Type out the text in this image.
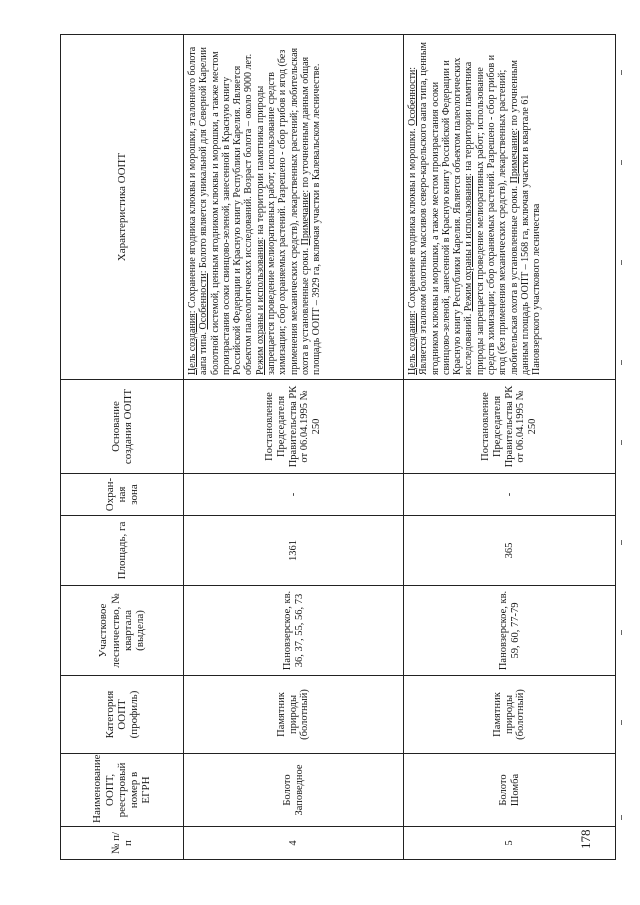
№ п/п	Наименование ООПТ, реестровый номер в ЕГРН	Категория ООПТ (профиль)	Участковое лесничество, № квартала (выдела)	Площадь, га	Охран-ная зона	Основание создания ООПТ	Характеристика ООПТ
4	Болото Заповедное	Памятник природы (болотный)	Пановзерское, кв. 36, 37, 55, 56, 73	1361	-	Постановление Председателя Правительства РК от 06.04.1995 № 250	Цель создания: Сохранение ягодника клюквы и морошки, эталонного болота аапа типа. Особенности: Болото является уникальной для Северной Карелии болотной системой, ценным ягодником клюквы и морошки, а также местом произрастания осоки свинцово-зеленой, занесенной в Красную книгу Российской Федерации и Красную книгу Республики Карелия. Является объектом палеологических исследований. Возраст болота – около 9000 лет. Режим охраны и использования: на территории памятника природы запрещается проведение мелиоративных работ; использование средств химизации; сбор охраняемых растений. Разрешено - сбор грибов и ягод (без применения механических средств), лекарственных растений; любительская охота в установленные сроки. Примечание: по уточненным данным общая площадь ООПТ – 3929 га, включая участки в Калевальском лесничестве.
5	Болото Шомба	Памятник природы (болотный)	Пановзерское, кв. 59, 60, 77-79	365	-	Постановление Председателя Правительства РК от 06.04.1995 № 250	Цель создания: Сохранение ягодника клюквы и морошки. Особенности: Является эталоном болотных массивов северо-карельского аапа типа, ценным ягодником клюквы и морошки, а также местом произрастания осоки свинцово-зеленой, занесенной в Красную книгу Российской Федерации и Красную книгу Республики Карелия. Является объектом палеологических исследований. Режим охраны и использования: на территории памятника природы запрещается проведение мелиоративных работ; использование средств химизации; сбор охраняемых растений. Разрешено - сбор грибов и ягод (без применения механических средств), лекарственных растений; любительская охота в установленные сроки. Примечание: по уточненным данным площадь ООПТ – 1568 га, включая участки в квартале 61 Пановзерского участкового лесничества
178
